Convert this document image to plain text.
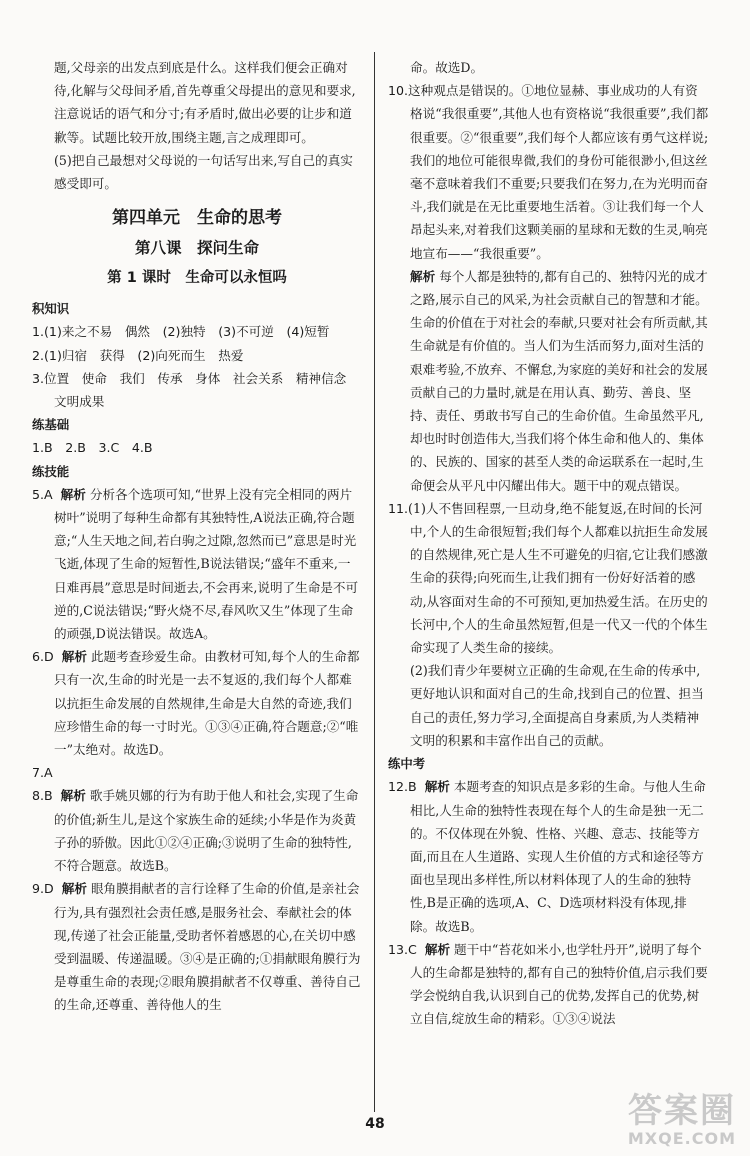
题,父母亲的出发点到底是什么。这样我们便会正确对待,化解与父母间矛盾,首先尊重父母提出的意见和要求,注意说话的语气和分寸;有矛盾时,做出必要的让步和道歉等。试题比较开放,围绕主题,言之成理即可。

(5)把自己最想对父母说的一句话写出来,写自己的真实感受即可。

第四单元　生命的思考
第八课　探问生命
第 1 课时　生命可以永恒吗

积知识

1.(1)来之不易　偶然　(2)独特　(3)不可逆　(4)短暂

2.(1)归宿　获得　(2)向死而生　热爱

3.位置　使命　我们　传承　身体　社会关系　精神信念　文明成果

练基础

1.B　2.B　3.C　4.B

练技能

5.A 解析 分析各个选项可知,“世界上没有完全相同的两片树叶”说明了每种生命都有其独特性,A说法正确,符合题意;“人生天地之间,若白驹之过隙,忽然而已”意思是时光飞逝,体现了生命的短暂性,B说法错误;“盛年不重来,一日难再晨”意思是时间逝去,不会再来,说明了生命是不可逆的,C说法错误;“野火烧不尽,春风吹又生”体现了生命的顽强,D说法错误。故选A。

6.D 解析 此题考查珍爱生命。由教材可知,每个人的生命都只有一次,生命的时光是一去不复返的,我们每个人都难以抗拒生命发展的自然规律,生命是大自然的奇迹,我们应珍惜生命的每一寸时光。①③④正确,符合题意;②“唯一”太绝对。故选D。

7.A

8.B 解析 歌手姚贝娜的行为有助于他人和社会,实现了生命的价值;新生儿,是这个家族生命的延续;小华是作为炎黄子孙的骄傲。因此①②④正确;③说明了生命的独特性,不符合题意。故选B。

9.D 解析 眼角膜捐献者的言行诠释了生命的价值,是亲社会行为,具有强烈社会责任感,是服务社会、奉献社会的体现,传递了社会正能量,受助者怀着感恩的心,在关切中感受到温暖、传递温暖。③④是正确的;①捐献眼角膜行为是尊重生命的表现;②眼角膜捐献者不仅尊重、善待自己的生命,还尊重、善待他人的生

命。故选D。

10.这种观点是错误的。①地位显赫、事业成功的人有资格说“我很重要”,其他人也有资格说“我很重要”,我们都很重要。②“很重要”,我们每个人都应该有勇气这样说;我们的地位可能很卑微,我们的身份可能很渺小,但这丝毫不意味着我们不重要;只要我们在努力,在为光明而奋斗,我们就是在无比重要地生活着。③让我们每一个人昂起头来,对着我们这颗美丽的星球和无数的生灵,响亮地宣布——“我很重要”。

解析 每个人都是独特的,都有自己的、独特闪光的成才之路,展示自己的风采,为社会贡献自己的智慧和才能。生命的价值在于对社会的奉献,只要对社会有所贡献,其生命就是有价值的。当人们为生活而努力,面对生活的艰难考验,不放弃、不懈怠,为家庭的美好和社会的发展贡献自己的力量时,就是在用认真、勤劳、善良、坚持、责任、勇敢书写自己的生命价值。生命虽然平凡,却也时时创造伟大,当我们将个体生命和他人的、集体的、民族的、国家的甚至人类的命运联系在一起时,生命便会从平凡中闪耀出伟大。题干中的观点错误。

11.(1)人不售回程票,一旦动身,绝不能复返,在时间的长河中,个人的生命很短暂;我们每个人都难以抗拒生命发展的自然规律,死亡是人生不可避免的归宿,它让我们感激生命的获得;向死而生,让我们拥有一份好好活着的感动,从容面对生命的不可预知,更加热爱生活。在历史的长河中,个人的生命虽然短暂,但是一代又一代的个体生命实现了人类生命的接续。

(2)我们青少年要树立正确的生命观,在生命的传承中,更好地认识和面对自己的生命,找到自己的位置、担当自己的责任,努力学习,全面提高自身素质,为人类精神文明的积累和丰富作出自己的贡献。

练中考

12.B 解析 本题考查的知识点是多彩的生命。与他人生命相比,人生命的独特性表现在每个人的生命是独一无二的。不仅体现在外貌、性格、兴趣、意志、技能等方面,而且在人生道路、实现人生价值的方式和途径等方面也呈现出多样性,所以材料体现了人的生命的独特性,B是正确的选项,A、C、D选项材料没有体现,排除。故选B。

13.C 解析 题干中“苔花如米小,也学牡丹开”,说明了每个人的生命都是独特的,都有自己的独特价值,启示我们要学会悦纳自我,认识到自己的优势,发挥自己的优势,树立自信,绽放生命的精彩。①③④说法

48	答案圈
MXQE.COM
